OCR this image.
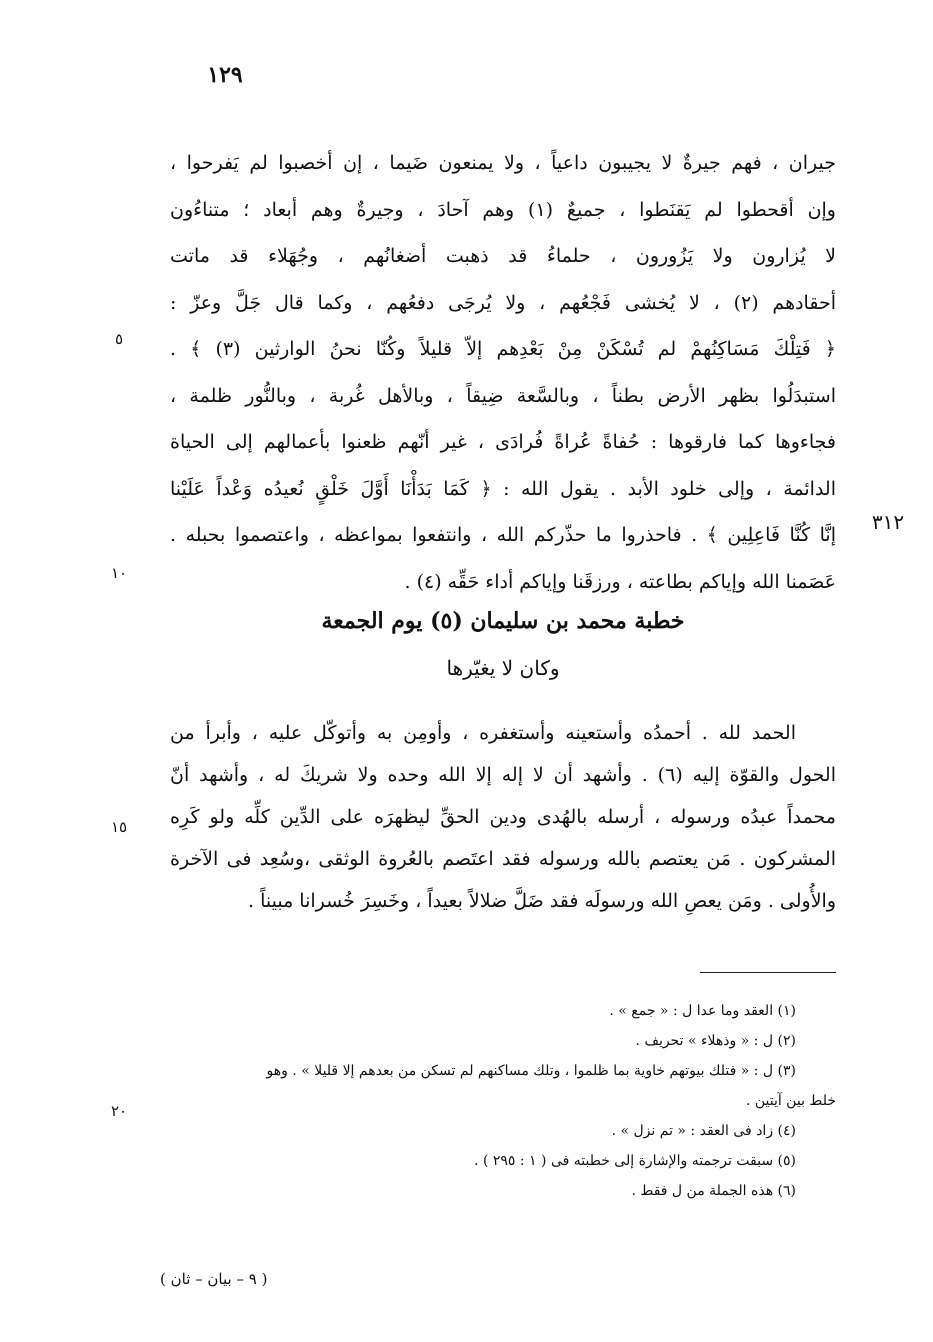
١٢٩
جيران ، فهم جيرةٌ لا يجيبون داعياً ، ولا يمنعون ضَيما ، إن أخصبوا لم يَفرحوا ،
وإن أقحطوا لم يَقنَطوا ، جميعٌ (١) وهم آحادَ ، وجيرةٌ وهم أبعاد ؛ متناءُون
لا يُزارون ولا يَزُورون ، حلماءُ قد ذهبت أضغانُهم ، وجُهَلاء قد ماتت
أحقادهم (٢) ، لا يُخشى فَجْعُهم ، ولا يُرجَى دفعُهم ، وكما قال جَلَّ وعزّ :
﴿ فَتِلْكَ مَسَاكِنُهمْ لم تُسْكَنْ مِنْ بَعْدِهم إلاّ قليلاً وكُنّا نحنُ الوارثين (٣) ﴾ .
استبدَلُوا بظهر الأرض بطناً ، وبالسَّعة ضِيقاً ، وبالأهل غُربة ، وبالنُّور ظلمة ،
فجاءوها كما فارقوها : حُفاةً عُراةً فُرادَى ، غير أنّهم ظعنوا بأعمالهم إلى الحياة
الدائمة ، وإلى خلود الأبد . يقول الله : ﴿ كَمَا بَدَأْنَا أَوَّلَ خَلْقٍ نُعيدُه وَعْداً عَلَيْنا
إنَّا كُنَّا فَاعِلِين ﴾ . فاحذروا ما حذّركم الله ، وانتفعوا بمواعظه ، واعتصموا بحبله .
عَصَمنا الله وإياكم بطاعته ، ورزقَنا وإياكم أداء حَقِّه (٤) .
خطبة محمد بن سليمان (٥) يوم الجمعة
وكان لا يغيّرها
الحمد لله . أحمدُه وأستعينه وأستغفره ، وأومِن به وأتوكّل عليه ، وأبرأ من
الحول والقوّة إليه (٦) . وأشهد أن لا إله إلا الله وحده ولا شريكَ له ، وأشهد أنّ
محمداً عبدُه ورسوله ، أرسله بالهُدى ودين الحقِّ ليظهرَه على الدِّين كلِّه ولو كَرِه
المشركون . مَن يعتصم بالله ورسوله فقد اعتَصم بالعُروة الوثقى ،وسُعِد فى الآخرة
والأُولى . ومَن يعصِ الله ورسولَه فقد ضَلَّ ضلالاً بعيداً ، وخَسِرَ خُسرانا مبيناً .
٥
١٠
١٥
٢٠
٣١٢
(١) العقد وما عدا ل : « جمع » .
(٢) ل : « وذهلاء » تحريف .
(٣) ل : « فتلك بيوتهم خاوية بما ظلموا ، وتلك مساكنهم لم تسكن من بعدهم إلا قليلا » . وهو
خلط بين آيتين .
(٤) زاد فى العقد : « تم نزل » .
(٥) سبقت ترجمته والإشارة إلى خطبته فى ( ١ : ٢٩٥ ) .
(٦) هذه الجملة من ل فقط .
( ٩ – بيان – ثان )
